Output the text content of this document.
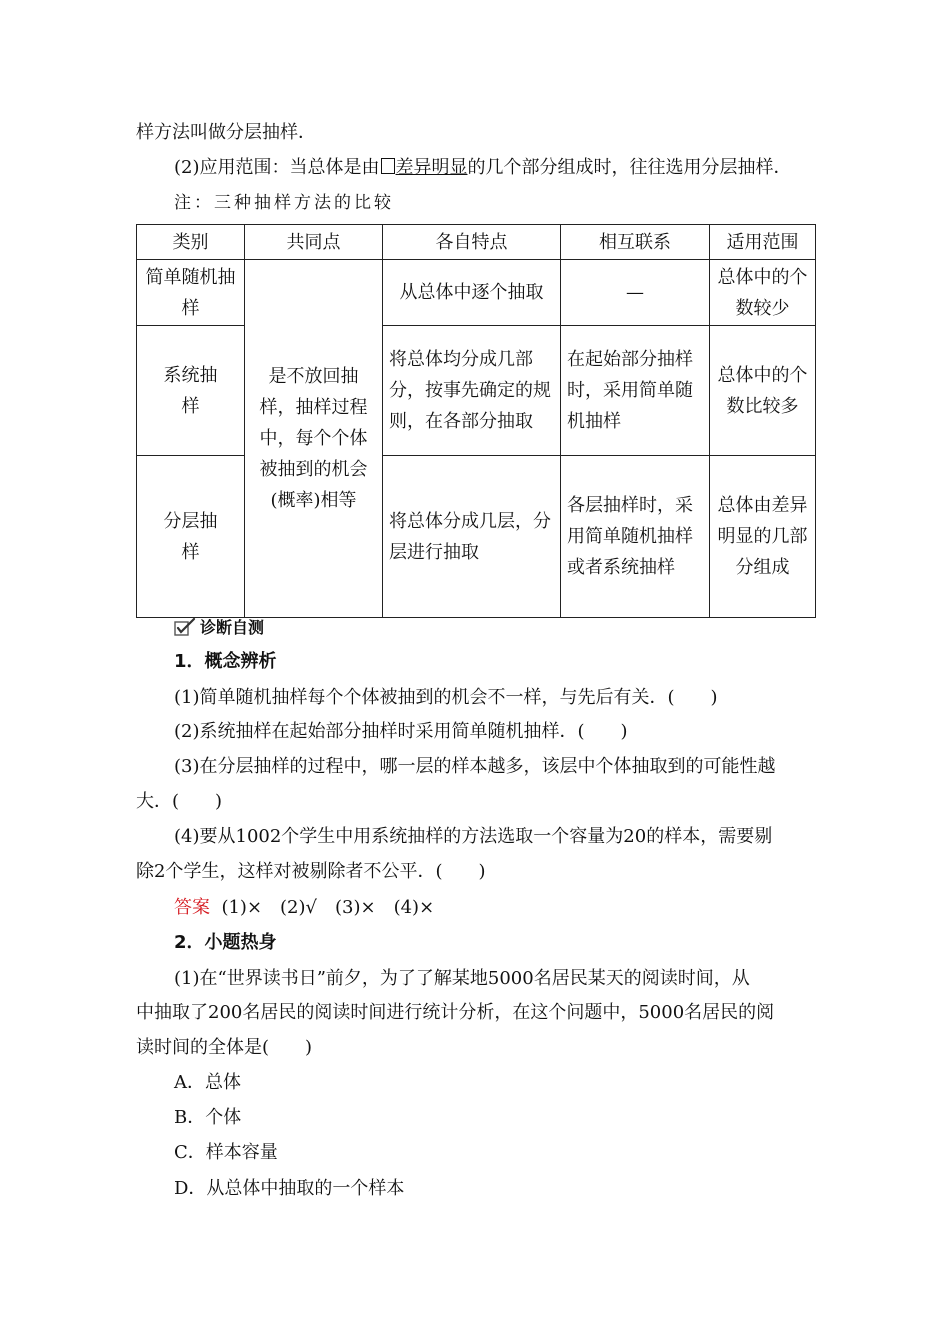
样方法叫做分层抽样．
(2)应用范围：当总体是由 差异明显的几个部分组成时，往往选用分层抽样．
注：三种抽样方法的比较
类别	共同点	各自特点	相互联系	适用范围
简单随机抽样	是不放回抽样，抽样过程中，每个个体被抽到的机会(概率)相等	从总体中逐个抽取	—	总体中的个数较少
系统抽样		将总体均分成几部分，按事先确定的规则，在各部分抽取	在起始部分抽样时，采用简单随机抽样	总体中的个数比较多
分层抽样		将总体分成几层，分层进行抽取	各层抽样时，采用简单随机抽样或者系统抽样	总体由差异明显的几部分组成
诊断自测
1．概念辨析
(1)简单随机抽样每个个体被抽到的机会不一样，与先后有关．(　　)
(2)系统抽样在起始部分抽样时采用简单随机抽样．(　　)
(3)在分层抽样的过程中，哪一层的样本越多，该层中个体抽取到的可能性越
大．(　　)
(4)要从1002个学生中用系统抽样的方法选取一个容量为20的样本，需要剔
除2个学生，这样对被剔除者不公平．(　　)
答案 (1)×　(2)√　(3)×　(4)×
2．小题热身
(1)在“世界读书日”前夕，为了了解某地5000名居民某天的阅读时间，从
中抽取了200名居民的阅读时间进行统计分析，在这个问题中，5000名居民的阅
读时间的全体是(　　)
A．总体
B．个体
C．样本容量
D．从总体中抽取的一个样本
